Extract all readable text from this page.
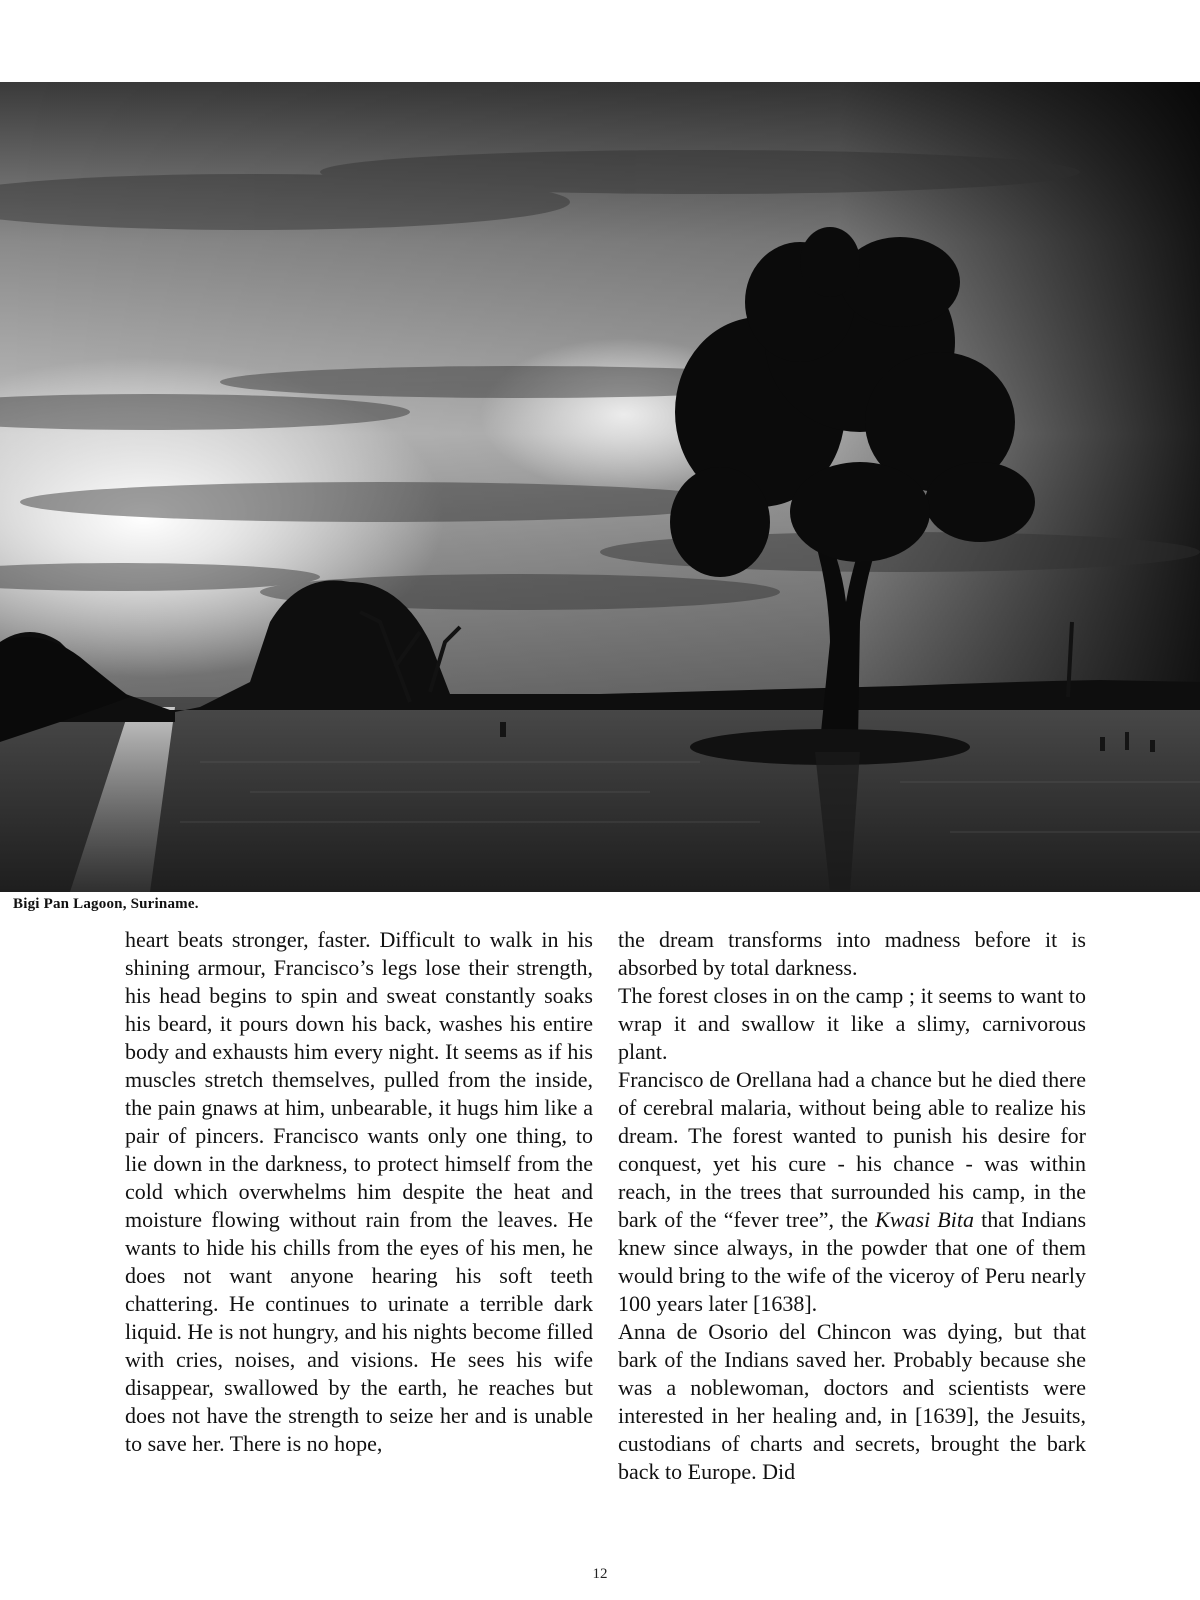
Bigi Pan Lagoon, Suriname.

heart beats stronger, faster. Difficult to walk in his shining armour, Francisco’s legs lose their strength, his head begins to spin and sweat constantly soaks his beard, it pours down his back, washes his entire body and exhausts him every night. It seems as if his muscles stretch themselves, pulled from the inside, the pain gnaws at him, unbearable, it hugs him like a pair of pincers. Francisco wants only one thing, to lie down in the darkness, to protect himself from the cold which overwhelms him despite the heat and moisture flowing without rain from the leaves. He wants to hide his chills from the eyes of his men, he does not want anyone hearing his soft teeth chattering. He continues to urinate a terrible dark liquid. He is not hungry, and his nights become filled with cries, noises, and visions. He sees his wife disappear, swallowed by the earth, he reaches but does not have the strength to seize her and is unable to save her. There is no hope,

the dream transforms into madness before it is absorbed by total darkness.

The forest closes in on the camp ; it seems to want to wrap it and swallow it like a slimy, carnivorous plant.

Francisco de Orellana had a chance but he died there of cerebral malaria, without being able to realize his dream. The forest wanted to punish his desire for conquest, yet his cure - his chance - was within reach, in the trees that surrounded his camp, in the bark of the “fever tree”, the Kwasi Bita that Indians knew since always, in the powder that one of them would bring to the wife of the viceroy of Peru nearly 100 years later [1638].

Anna de Osorio del Chincon was dying, but that bark of the Indians saved her. Probably because she was a noblewoman, doctors and scientists were interested in her healing and, in [1639], the Jesuits, custodians of charts and secrets, brought the bark back to Europe. Did

12
